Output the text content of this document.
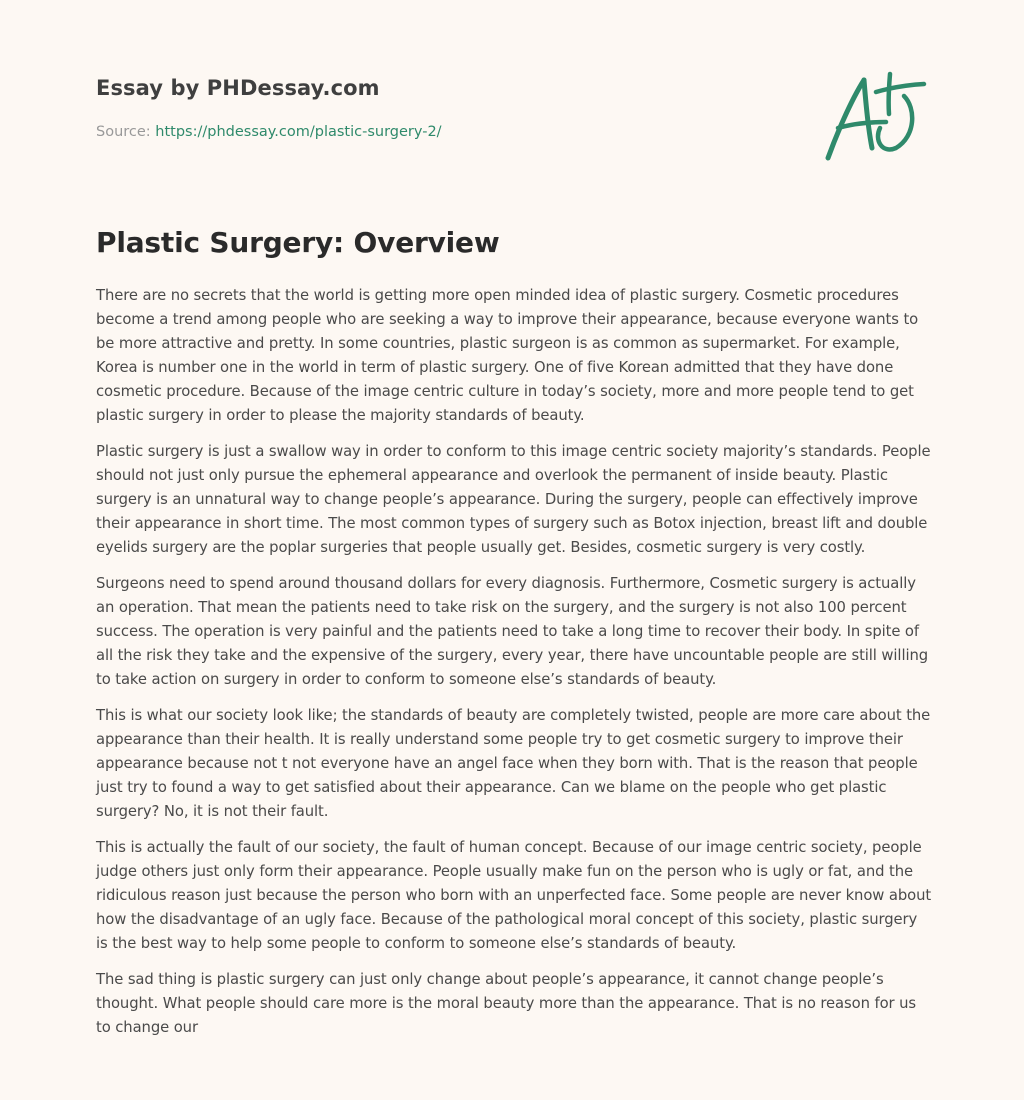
Essay by PHDessay.com

Source: https://phdessay.com/plastic-surgery-2/

Plastic Surgery: Overview

There are no secrets that the world is getting more open minded idea of plastic surgery. Cosmetic procedures become a trend among people who are seeking a way to improve their appearance, because everyone wants to be more attractive and pretty. In some countries, plastic surgeon is as common as supermarket. For example, Korea is number one in the world in term of plastic surgery. One of five Korean admitted that they have done cosmetic procedure. Because of the image centric culture in today’s society, more and more people tend to get plastic surgery in order to please the majority standards of beauty.

Plastic surgery is just a swallow way in order to conform to this image centric society majority’s standards. People should not just only pursue the ephemeral appearance and overlook the permanent of inside beauty. Plastic surgery is an unnatural way to change people’s appearance. During the surgery, people can effectively improve their appearance in short time. The most common types of surgery such as Botox injection, breast lift and double eyelids surgery are the poplar surgeries that people usually get. Besides, cosmetic surgery is very costly.

Surgeons need to spend around thousand dollars for every diagnosis. Furthermore, Cosmetic surgery is actually an operation. That mean the patients need to take risk on the surgery, and the surgery is not also 100 percent success. The operation is very painful and the patients need to take a long time to recover their body. In spite of all the risk they take and the expensive of the surgery, every year, there have uncountable people are still willing to take action on surgery in order to conform to someone else’s standards of beauty.

This is what our society look like; the standards of beauty are completely twisted, people are more care about the appearance than their health. It is really understand some people try to get cosmetic surgery to improve their appearance because not t not everyone have an angel face when they born with. That is the reason that people just try to found a way to get satisfied about their appearance. Can we blame on the people who get plastic surgery? No, it is not their fault.

This is actually the fault of our society, the fault of human concept. Because of our image centric society, people judge others just only form their appearance. People usually make fun on the person who is ugly or fat, and the ridiculous reason just because the person who born with an unperfected face. Some people are never know about how the disadvantage of an ugly face. Because of the pathological moral concept of this society, plastic surgery is the best way to help some people to conform to someone else’s standards of beauty.

The sad thing is plastic surgery can just only change about people’s appearance, it cannot change people’s thought. What people should care more is the moral beauty more than the appearance. That is no reason for us to change our
